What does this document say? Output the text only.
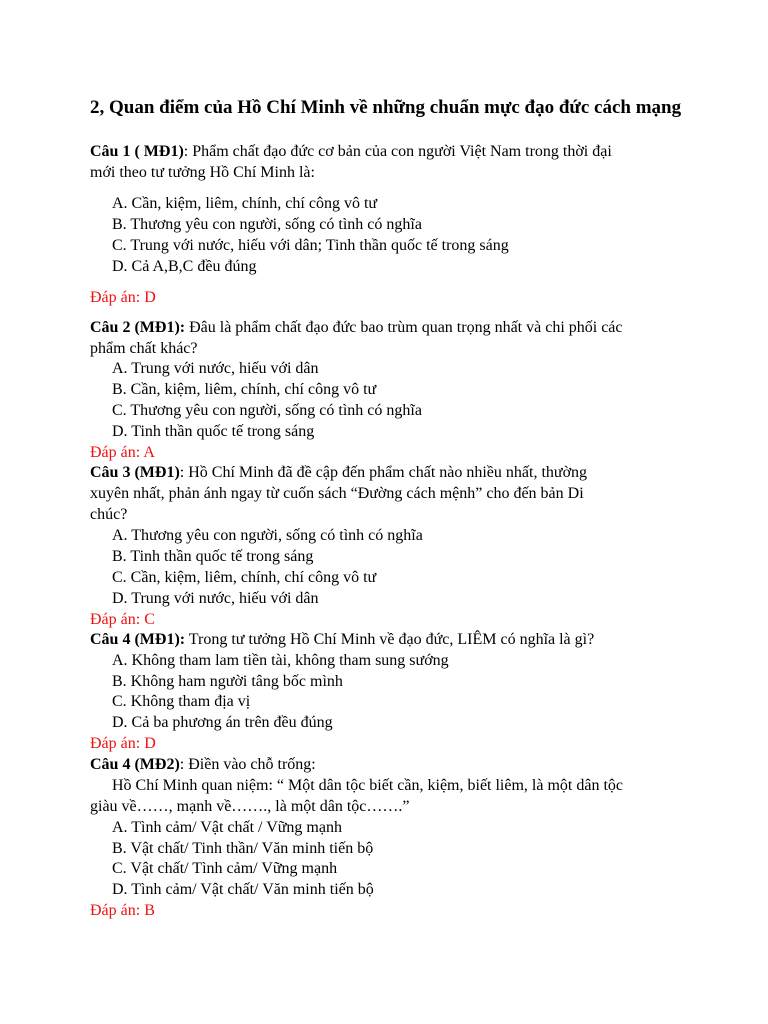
2, Quan điểm của Hồ Chí Minh về những chuẩn mực đạo đức cách mạng
Câu 1 ( MĐ1): Phẩm chất đạo đức cơ bản của con người Việt Nam trong thời đại
mới theo tư tưởng Hồ Chí Minh là:
A. Cần, kiệm, liêm, chính, chí công vô tư
B. Thương yêu con người, sống có tình có nghĩa
C. Trung với nước, hiếu với dân; Tinh thần quốc tế trong sáng
D. Cả A,B,C đều đúng
Đáp án: D
Câu 2 (MĐ1): Đâu là phẩm chất đạo đức bao trùm quan trọng nhất và chi phối các
phẩm chất khác?
A. Trung với nước, hiếu với dân
B. Cần, kiệm, liêm, chính, chí công vô tư
C. Thương yêu con người, sống có tình có nghĩa
D. Tinh thần quốc tế trong sáng
Đáp án: A
Câu 3 (MĐ1): Hồ Chí Minh đã đề cập đến phẩm chất nào nhiều nhất, thường
xuyên nhất, phản ánh ngay từ cuốn sách “Đường cách mệnh” cho đến bản Di
chúc?
A. Thương yêu con người, sống có tình có nghĩa
B. Tinh thần quốc tế trong sáng
C. Cần, kiệm, liêm, chính, chí công vô tư
D. Trung với nước, hiếu với dân
Đáp án: C
Câu 4 (MĐ1): Trong tư tưởng Hồ Chí Minh về đạo đức, LIÊM có nghĩa là gì?
A. Không tham lam tiền tài, không tham sung sướng
B. Không ham người tâng bốc mình
C. Không tham địa vị
D. Cả ba phương án trên đều đúng
Đáp án: D
Câu 4 (MĐ2): Điền vào chỗ trống:
Hồ Chí Minh quan niệm: “ Một dân tộc biết cần, kiệm, biết liêm, là một dân tộc
giàu về……, mạnh về……., là một dân tộc…….”
A. Tình cảm/ Vật chất / Vững mạnh
B. Vật chất/ Tinh thần/ Văn minh tiến bộ
C. Vật chất/ Tình cảm/ Vững mạnh
D. Tình cảm/ Vật chất/ Văn minh tiến bộ
Đáp án: B
